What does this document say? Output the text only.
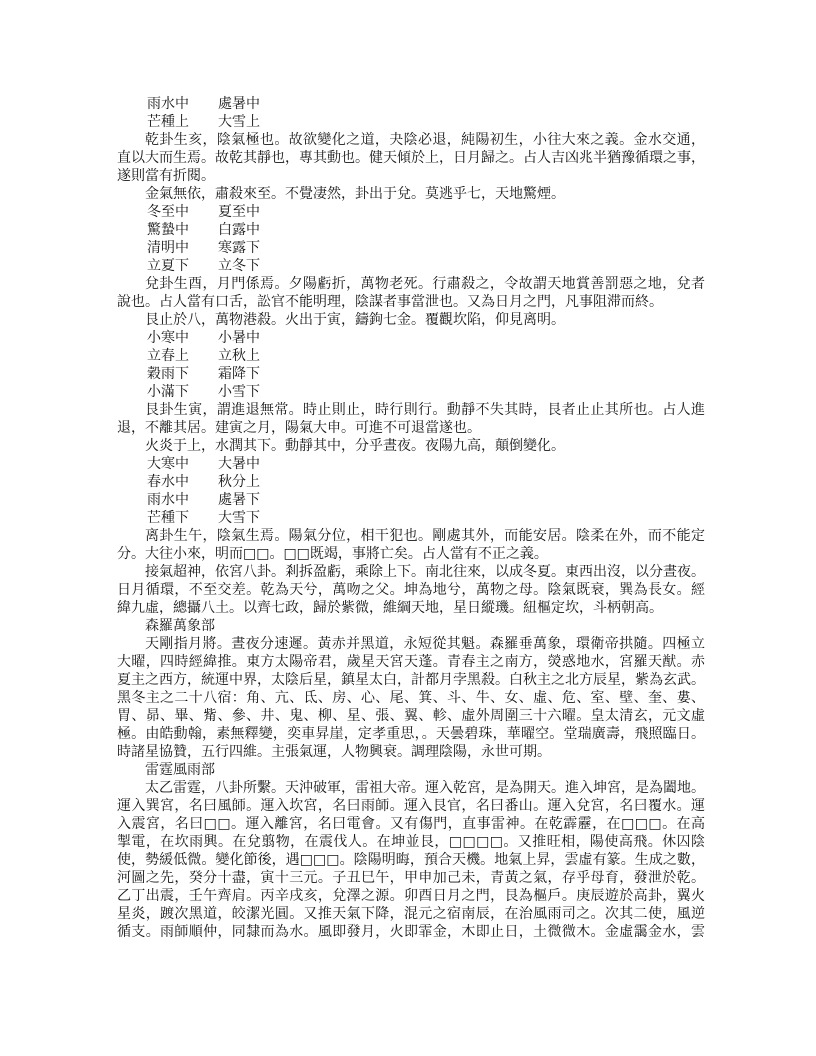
雨水中 處暑中
芒種上 大雪上
乾卦生亥，陰氣極也。故欲變化之道，夬陰必退，純陽初生，小往大來之義。金水交通，
直以大而生焉。故乾其靜也，專其動也。健天傾於上，日月歸之。占人吉凶兆半猶豫循環之事，
遂則當有折閱。
金氣無依，肅殺來至。不覺凄然，卦出于兌。莫逃乎七，天地驚煙。
冬至中 夏至中
驚蟄中 白露中
清明中 寒露下
立夏下 立冬下
兌卦生酉，月門係焉。夕陽虧折，萬物老死。行肅殺之，令故謂天地賞善罰惡之地，兌者
說也。占人當有口舌，訟官不能明理，陰謀者事當泄也。又為日月之門，凡事阻滞而終。
艮止於八，萬物港殺。火出于寅，鑄鉤七金。覆觀坎陷，仰見离明。
小寒中 小暑中
立春上 立秋上
穀雨下 霜降下
小滿下 小雪下
艮卦生寅，謂進退無常。時止則止，時行則行。動靜不失其時，艮者止止其所也。占人進
退，不離其居。建寅之月，陽氣大申。可進不可退當遂也。
火炎于上，水潤其下。動靜其中，分乎晝夜。夜陽九高，顛倒變化。
大寒中 大暑中
春水中 秋分上
雨水中 處暑下
芒種下 大雪下
离卦生午，陰氣生焉。陽氣分位，相干犯也。剛處其外，而能安居。陰柔在外，而不能定
分。大往小來，明而□□。□□既竭，事將亡矣。占人當有不正之義。
接氣超神，依宮八卦。剎拆盈虧，乘除上下。南北往來，以成冬夏。東西出沒，以分晝夜。
日月循環，不至交差。乾為天兮，萬吻之父。坤為地兮，萬物之母。陰氣既衰，巽為長女。經
緯九虛，總攝八土。以齊七政，歸於紫微，維綱天地，星日縱璣。紐樞定坎，斗柄朝高。
森羅萬象部
天剛指月將。晝夜分速遲。黃赤并黑道，永短從其魁。森羅垂萬象，環衛帝拱隨。四極立
大曜，四時經緯推。東方太陽帝君，歲星天宮天蓬。青春主之南方，熒惑地水，宮羅天猷。赤
夏主之西方，統運中界，太陰后星，鎮星太白，計都月孛黑殺。白秋主之北方辰星，紫為玄武。
黑冬主之二十八宿：角、亢、氐、房、心、尾、箕、斗、牛、女、虛、危、室、壁、奎、婁、
胃、昴、畢、觜、參、井、鬼、柳、星、張、翼、軫、虛外周圍三十六曜。皇太清玄，元文虛
極。由皓動翰，素無釋變，奕車昇崖，定孝重思，。天曇碧珠，華曜空。堂瑞廣壽，飛照臨日。
時諸星協贊，五行四維。主張氣運，人物興衰。調理陰陽，永世可期。
雷霆風雨部
太乙雷霆，八卦所繫。天沖破軍，雷祖大帝。運入乾宮，是為開天。進入坤宮，是為闔地。
運入巽宮，名曰風師。運入坎宮，名曰雨師。運入艮官，名曰番山。運入兌宮，名曰覆水。運
入震宮，名曰□□。運入離宮，名曰電會。又有傷門，直事雷神。在乾霹靂，在□□□。在高
掣電，在坎雨興。在兌翦物，在震伐人。在坤並艮，□□□□。又推旺相，陽使高飛。休囚陰
使，勢緩低微。變化節後，遇□□□。陰陽明晦，預合天機。地氣上昇，雲虛有篆。生成之數，
河圖之先，癸分十盡，寅十三元。子丑巳午，甲申加己未，青黃之氣，存乎母育，發泄於乾。
乙丁出震，壬午齊肩。丙辛戌亥，兌澤之源。卯酉日月之門，艮為樞戶。庚辰遊於高卦，翼火
星炎，踱次黑道，皎潔光圓。又推天氣下降，混元之宿南辰，在治風雨司之。次其二使，風逆
循支。雨師順仲，同隸而為水。風即發月，火即霏金，木即止日，土微微木。金虛靄金水，雲
